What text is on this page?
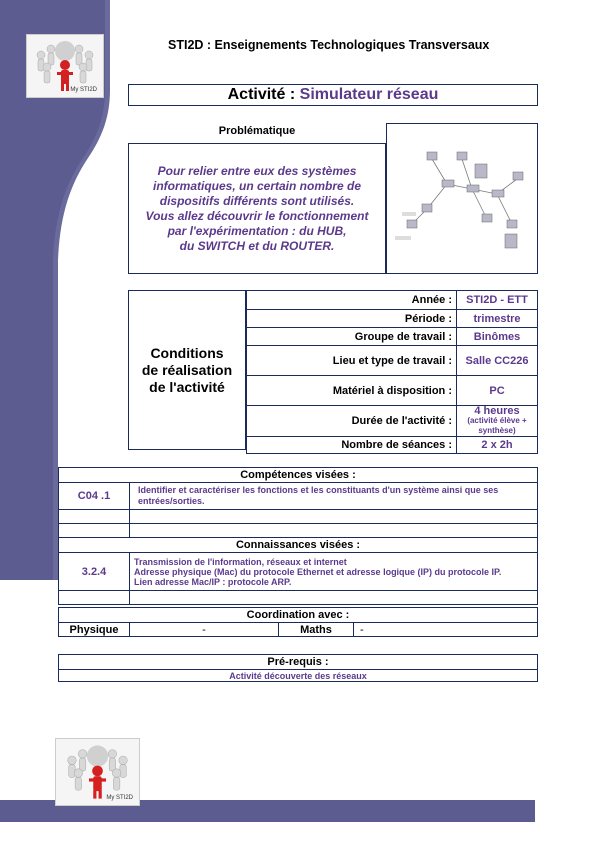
My STI2D
STI2D : Enseignements Technologiques Transversaux
Activité : Simulateur réseau
Problématique
Pour relier entre eux des systèmes
informatiques, un certain nombre de
dispositifs différents sont utilisés.
Vous allez découvrir le fonctionnement
par l'expérimentation : du HUB,
du SWITCH et du ROUTER.
Conditions
de réalisation
de l'activité
Année :	STI2D - ETT
Période :	trimestre
Groupe de travail :	Binômes
Lieu et type de travail :	Salle CC226
Matériel à disposition :	PC
Durée de l'activité :	4 heures
(activité élève + synthèse)

Nombre de séances :	2 x 2h
Compétences visées :	
C04 .1	Identifier et caractériser les fonctions et les constituants d'un système ainsi que ses entrées/sorties.

Connaissances visées :	
3.2.4	Transmission de l'information, réseaux et internet
Adresse physique (Mac) du protocole Ethernet et adresse logique (IP) du protocole IP.
Lien adresse Mac/IP : protocole ARP.

Coordination avec :
Physique	-	Maths	-
Pré-requis :
Activité découverte des réseaux
My STI2D
